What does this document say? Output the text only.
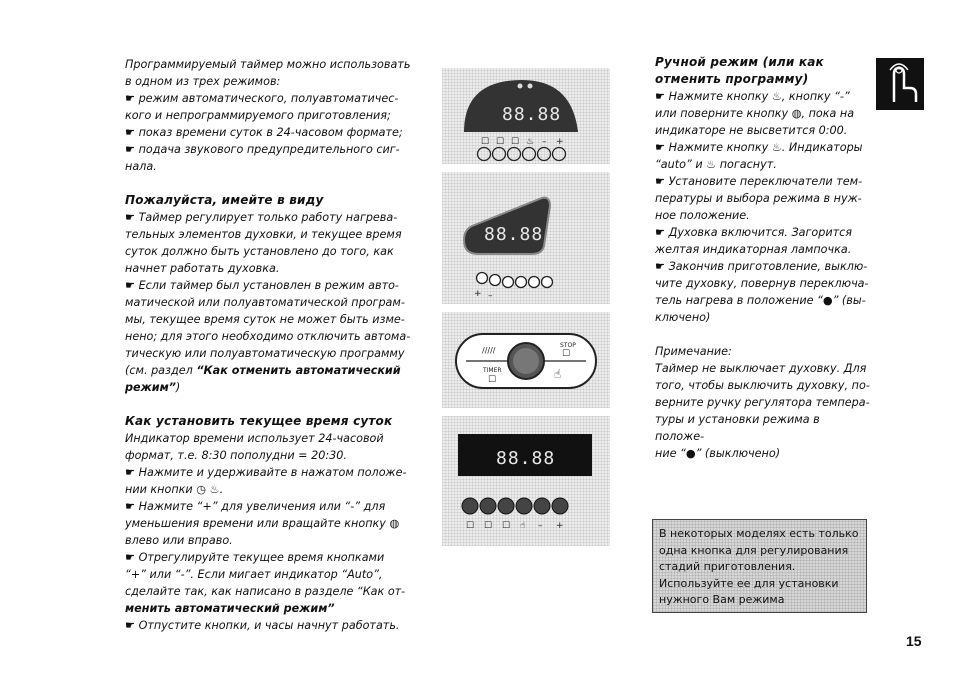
Программируемый таймер можно использовать

в одном из трех режимов:

☛ режим автоматического, полуавтоматичес-

кого и непрограммируемого приготовления;

☛ показ времени суток в 24-часовом формате;

☛ подача звукового предупредительного сиг-

нала.

Пожалуйста, имейте в виду

☛ Таймер регулирует только работу нагрева-

тельных элементов духовки, и текущее время

суток должно быть установлено до того, как

начнет работать духовка.

☛ Если таймер был установлен в режим авто-

матической или полуавтоматической програм-

мы, текущее время суток не может быть изме-

нено; для этого необходимо отключить автома-

тическую или полуавтоматическую программу

(см. раздел “Как отменить автоматический

режим”)

Как установить текущее время суток

Индикатор времени использует 24-часовой

формат, т.е. 8:30 пополудни = 20:30.

☛ Нажмите и удерживайте в нажатом положе-

нии кнопки ◷ ♨.

☛ Нажмите “+” для увеличения или “-” для

уменьшения времени или вращайте кнопку ◍

влево или вправо.

☛ Отрегулируйте текущее время кнопками

“+” или “-”. Если мигает индикатор “Auto”,

сделайте так, как написано в разделе “Как от-

менить автоматический режим”

☛ Отпустите кнопки, и часы начнут работать.

88.88
☐ ☐ ☐ ♨ – +
88.88
+ –
/////
STOP
☐
TIMER
☐	☝
88.88
☐ ☐ ☐ ☝ – +

Ручной режим (или как

отменить программу)

☛ Нажмите кнопку ♨, кнопку “-”

или поверните кнопку ◍, пока на

индикаторе не высветится 0:00.

☛ Нажмите кнопку ♨. Индикаторы

“auto” и ♨ погаснут.

☛ Установите переключатели тем-

пературы и выбора режима в нуж-

ное положение.

☛ Духовка включится. Загорится

желтая индикаторная лампочка.

☛ Закончив приготовление, выклю-

чите духовку, повернув переключа-

тель нагрева в положение “●” (вы-

ключено)

Примечание:

Таймер не выключает духовку. Для

того, чтобы выключить духовку, по-

верните ручку регулятора темпера-

туры и установки режима в положе-

ние “●” (выключено)

В некоторых моделях есть только
одна кнопка для регулирования
стадий приготовления.
Используйте ее для установки
нужного Вам режима
15
